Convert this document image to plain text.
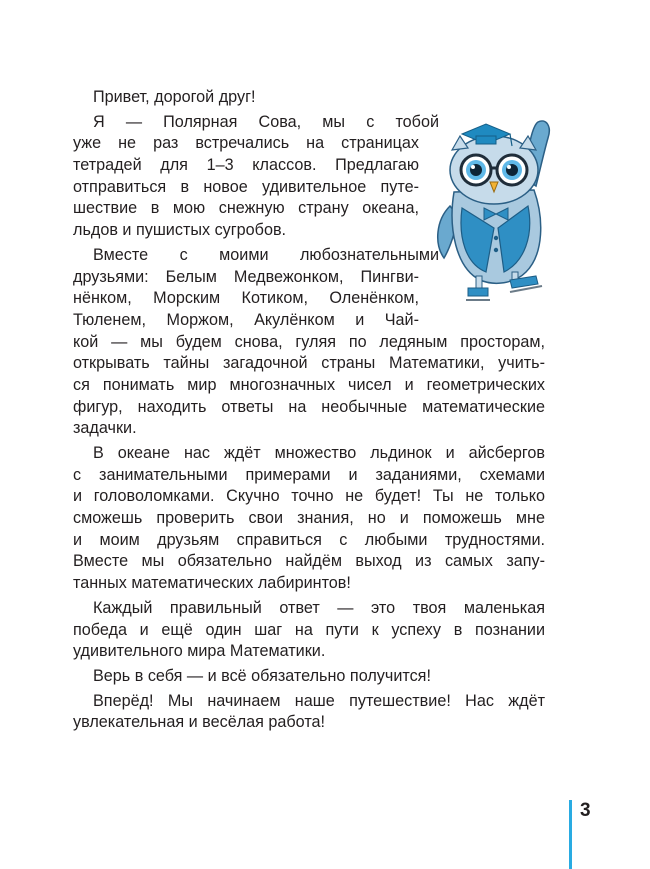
Привет, дорогой друг!
Я — Полярная Сова, мы с тобой
уже не раз встречались на страницах
тетрадей для 1–3 классов. Предлагаю
отправиться в новое удивительное путе-
шествие в мою снежную страну океана,
льдов и пушистых сугробов.
Вместе с моими любознательными
друзьями: Белым Медвежонком, Пингви-
нёнком, Морским Котиком, Оленёнком,
Тюленем, Моржом, Акулёнком и Чай-
кой — мы будем снова, гуляя по ледяным просторам,
открывать тайны загадочной страны Математики, учить-
ся понимать мир многозначных чисел и геометрических
фигур, находить ответы на необычные математические
задачки.
В океане нас ждёт множество льдинок и айсбергов
с занимательными примерами и заданиями, схемами
и головоломками. Скучно точно не будет! Ты не только
сможешь проверить свои знания, но и поможешь мне
и моим друзьям справиться с любыми трудностями.
Вместе мы обязательно найдём выход из самых запу-
танных математических лабиринтов!
Каждый правильный ответ — это твоя маленькая
победа и ещё один шаг на пути к успеху в познании
удивительного мира Математики.
Верь в себя — и всё обязательно получится!
Вперёд! Мы начинаем наше путешествие! Нас ждёт
увлекательная и весёлая работа!
3
